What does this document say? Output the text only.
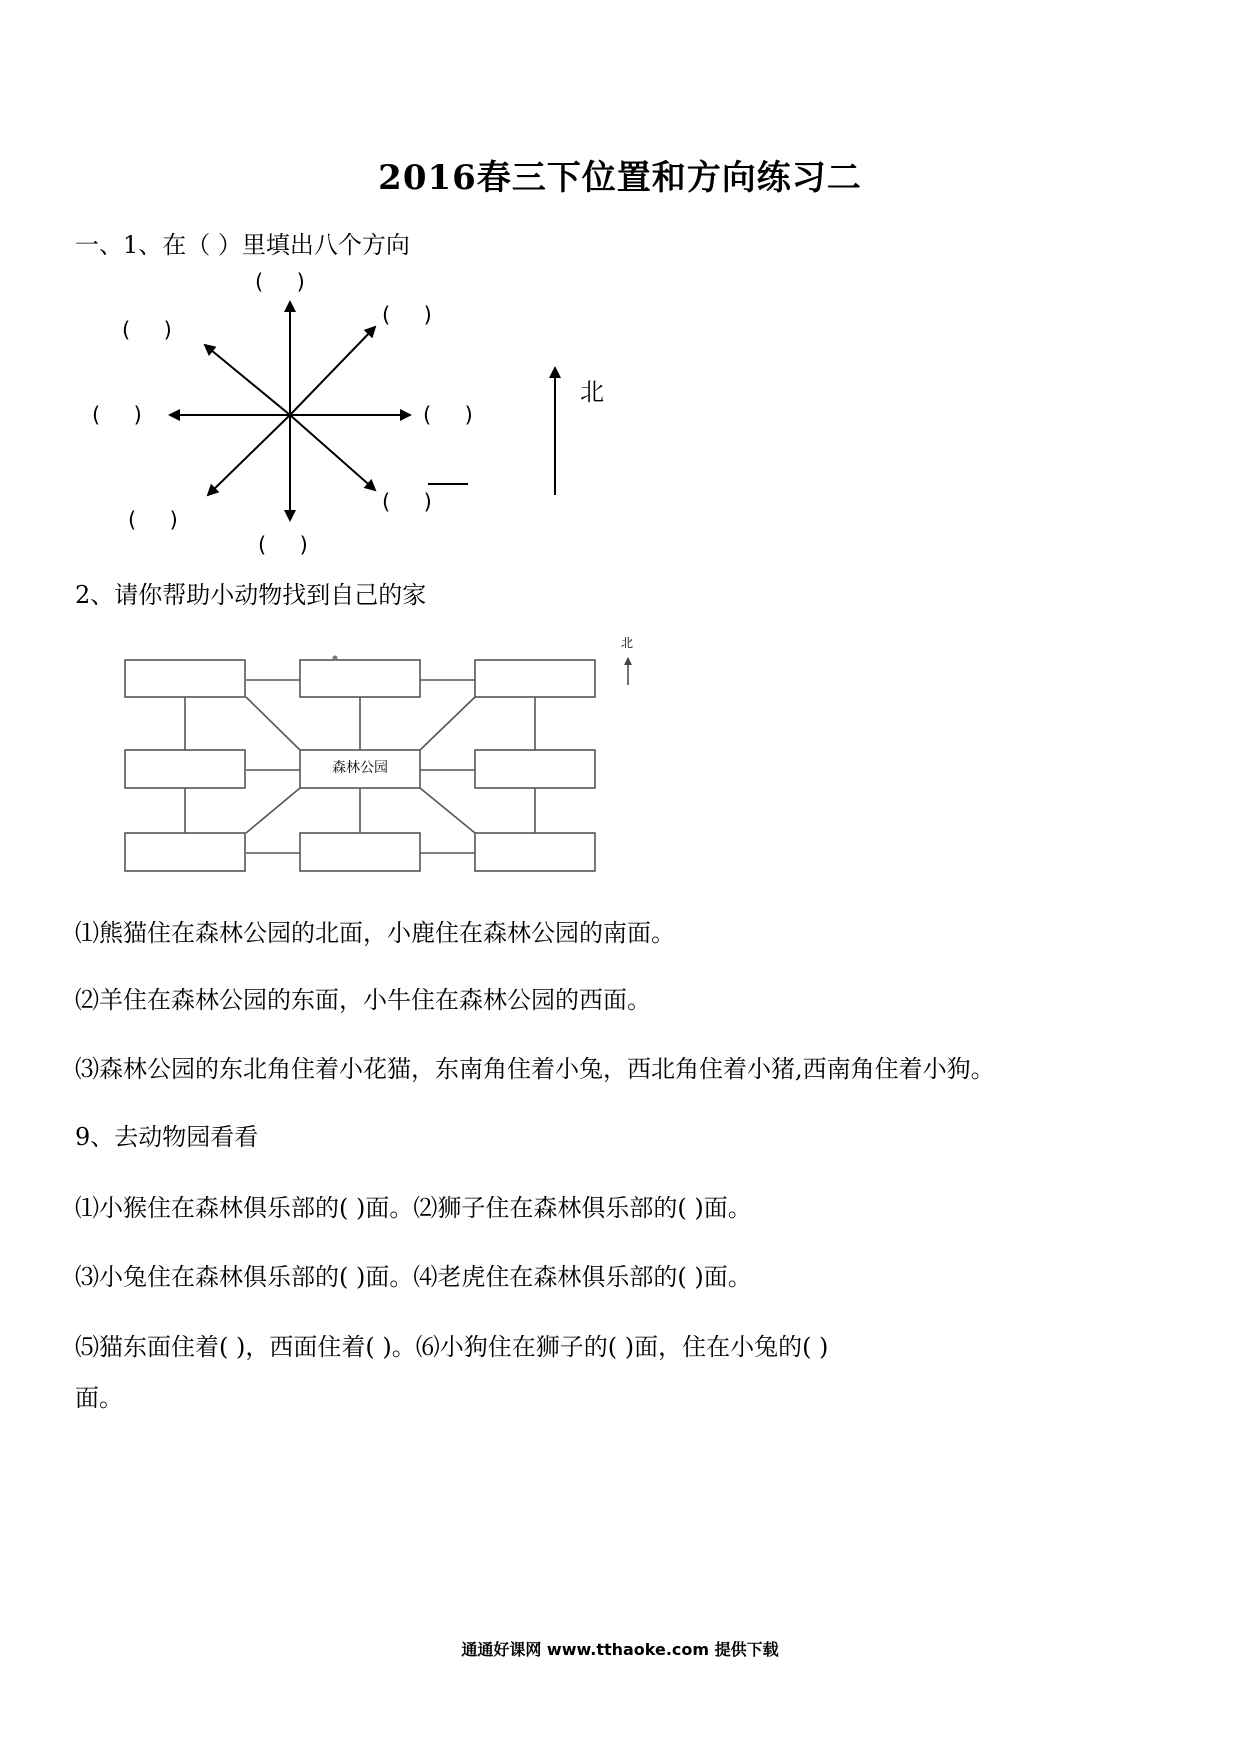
2016春三下位置和方向练习二
一、1、在（ ）里填出八个方向
(     )
(     )
(     )
(     )
(     )
(     )
(     )
(     )
北
2、请你帮助小动物找到自己的家
森林公园
北
⑴熊猫住在森林公园的北面，小鹿住在森林公园的南面。
⑵羊住在森林公园的东面，小牛住在森林公园的西面。
⑶森林公园的东北角住着小花猫，东南角住着小兔，西北角住着小猪,西南角住着小狗。
9、去动物园看看
⑴小猴住在森林俱乐部的( )面。⑵狮子住在森林俱乐部的( )面。
⑶小兔住在森林俱乐部的( )面。⑷老虎住在森林俱乐部的( )面。
⑸猫东面住着( )，西面住着( )。⑹小狗住在狮子的( )面，住在小兔的( )
面。
通通好课网 www.tthaoke.com 提供下载
